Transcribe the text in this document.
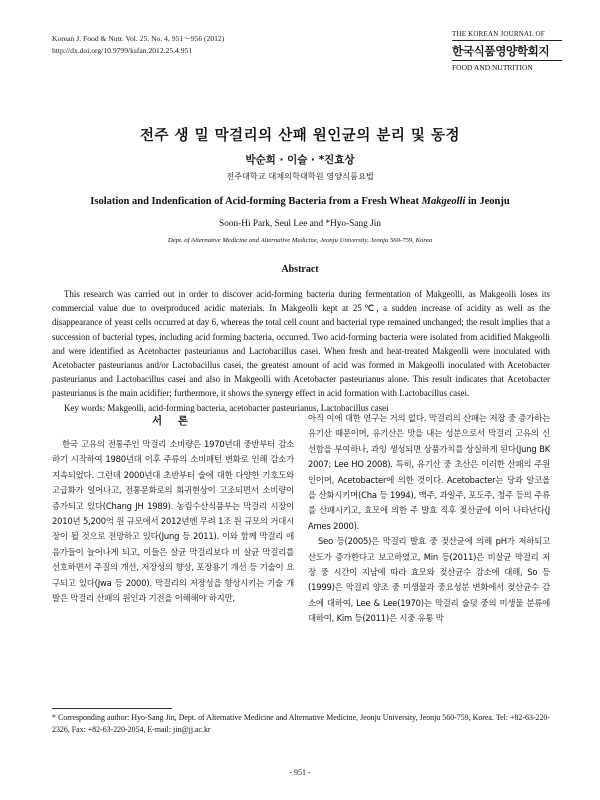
Korean J. Food & Nutr. Vol. 25. No. 4, 951～956 (2012)
http://dx.doi.org/10.9799/ksfan.2012.25.4.951
THE KOREAN JOURNAL OF
한국식품영양학회지
FOOD AND NUTRITION
전주 생 밀 막걸리의 산패 원인균의 분리 및 동정
박순희 · 이슬 · *진효상
전주대학교 대체의학대학원 영양식품요법
Isolation and Indenfication of Acid-forming Bacteria from a Fresh Wheat Makgeolli in Jeonju
Soon-Hi Park, Seul Lee and *Hyo-Sang Jin
Dept. of Alternative Medicine and Alternative Medicine, Jeonju University, Jeonju 560-759, Korea
Abstract

This research was carried out in order to discover acid-forming bacteria during fermentation of Makgeolli, as Makgeolli loses its commercial value due to overproduced acidic materials. In Makgeolli kept at 25℃, a sudden increase of acidity as well as the disappearance of yeast cells occurred at day 6, whereas the total cell count and bacterial type remained unchanged; the result implies that a succession of bacterial types, including acid forming bacteria, occurred. Two acid-forming bacteria were isolated from acidified Makgeolli and were identified as Acetobacter pasteurianus and Lactobacillus casei. When fresh and heat-treated Makgeolli were inoculated with Acetobacter pasteurianus and/or Lactobacillus casei, the greatest amount of acid was formed in Makgeolli inoculated with Acetobacter pasteurianus and Lactobacillus casei and also in Makgeolli with Acetobacter pasteurianus alone. This result indicates that Acetobacter pasteurianus is the main acidifier; furthermore, it shows the synergy effect in acid formation with Lactobacillus casei.

Key words: Makgeolli, acid-forming bacteria, acetobacter pasteurianus, Lactobacillus casei

서 론

한국 고유의 전통주인 막걸리 소비량은 1970년대 중반부터 감소하기 시작하여 1980년대 이후 주류의 소비패턴 변화로 인해 감소가 지속되었다. 그런데 2000년대 초반부터 술에 대한 다양한 기호도와 고급화가 일어나고, 전통문화로의 회귀현상이 고조되면서 소비량이 증가되고 있다(Chang JH 1989). 농림수산식품부는 막걸리 시장이 2010년 5,200억 원 규모에서 2012년엔 무려 1조 원 규모의 거대시장이 될 것으로 전망하고 있다(Jung 등 2011). 이와 함께 막걸리 애음가들이 늘어나게 되고, 이들은 살균 막걸리보다 비 살균 막걸리를 선호하면서 주질의 개선, 저장성의 향상, 포장용기 개선 등 기술이 요구되고 있다(Jwa 등 2000). 막걸리의 저장성을 향상시키는 기술 개발은 막걸리 산패의 원인과 기전을 이해해야 하지만,

아직 이에 대한 연구는 거의 없다. 막걸리의 산패는 저장 중 증가하는 유기산 때문이며, 유기산은 맛을 내는 성분으로서 막걸리 고유의 신선함을 부여하나, 과잉 생성되면 상품가치를 상실하게 된다(Jung BK 2007; Lee HO 2008). 특히, 유기산 중 초산은 이러한 산패의 주원인이며, Acetobacter에 의한 것이다. Acetobacter는 당과 알코올을 산화시키며(Cha 등 1994), 맥주, 과일주, 포도주, 청주 등의 주류를 산패시키고, 효모에 의한 주 발효 직후 젖산균에 이어 나타난다(J Ames 2000).

Seo 등(2005)은 막걸리 발효 중 젖산균에 의해 pH가 저하되고 산도가 증가한다고 보고하였고, Min 등(2011)은 비살균 막걸리 저장 중 시간이 지남에 따라 효모와 젖산균수 감소에 대해, So 등(1999)은 막걸리 양조 중 미생물과 중요성분 변화에서 젖산균수 감소에 대하여, Lee & Lee(1970)는 막걸리 술덧 중의 미생물 분류에 대하여, Kim 등(2011)은 시중 유통 막

* Corresponding author: Hyo-Sang Jin, Dept. of Alternative Medicine and Alternative Medicine, Jeonju University, Jeonju 560-759, Korea. Tel: +82-63-220-2326, Fax: +82-63-220-2054, E-mail: jin@jj.ac.kr
- 951 -
